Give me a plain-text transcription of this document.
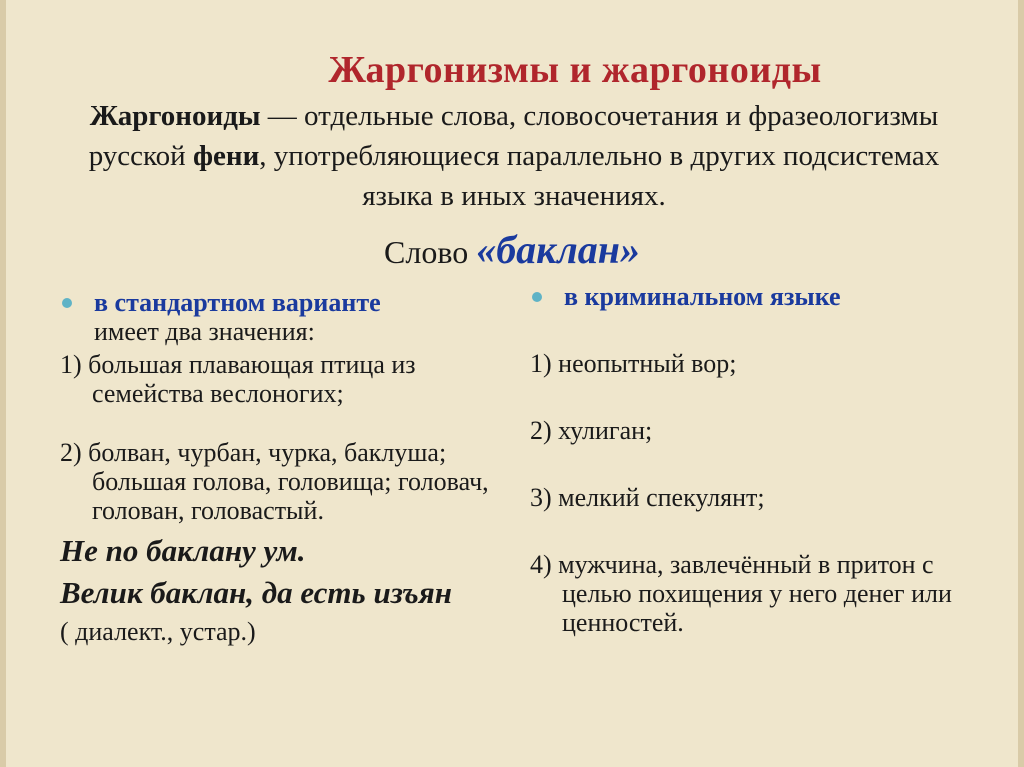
Жаргонизмы и жаргоноиды
Жаргоноиды — отдельные слова, словосочетания и фразеологизмы русской фени, употребляющиеся параллельно в других подсистемах языка в иных значениях.
Слово «баклан»
в стандартном варианте
имеет два значения:
1) большая плавающая птица из семейства веслоногих;
2) болван, чурбан, чурка, баклуша; большая голова, головища; головач, голован, головастый.
Не по баклану ум.
Велик баклан, да есть изъян
( диалект., устар.)
в криминальном языке
1) неопытный вор;
2) хулиган;
3) мелкий спекулянт;
4) мужчина, завлечённый в притон с целью похищения у него денег или ценностей.
